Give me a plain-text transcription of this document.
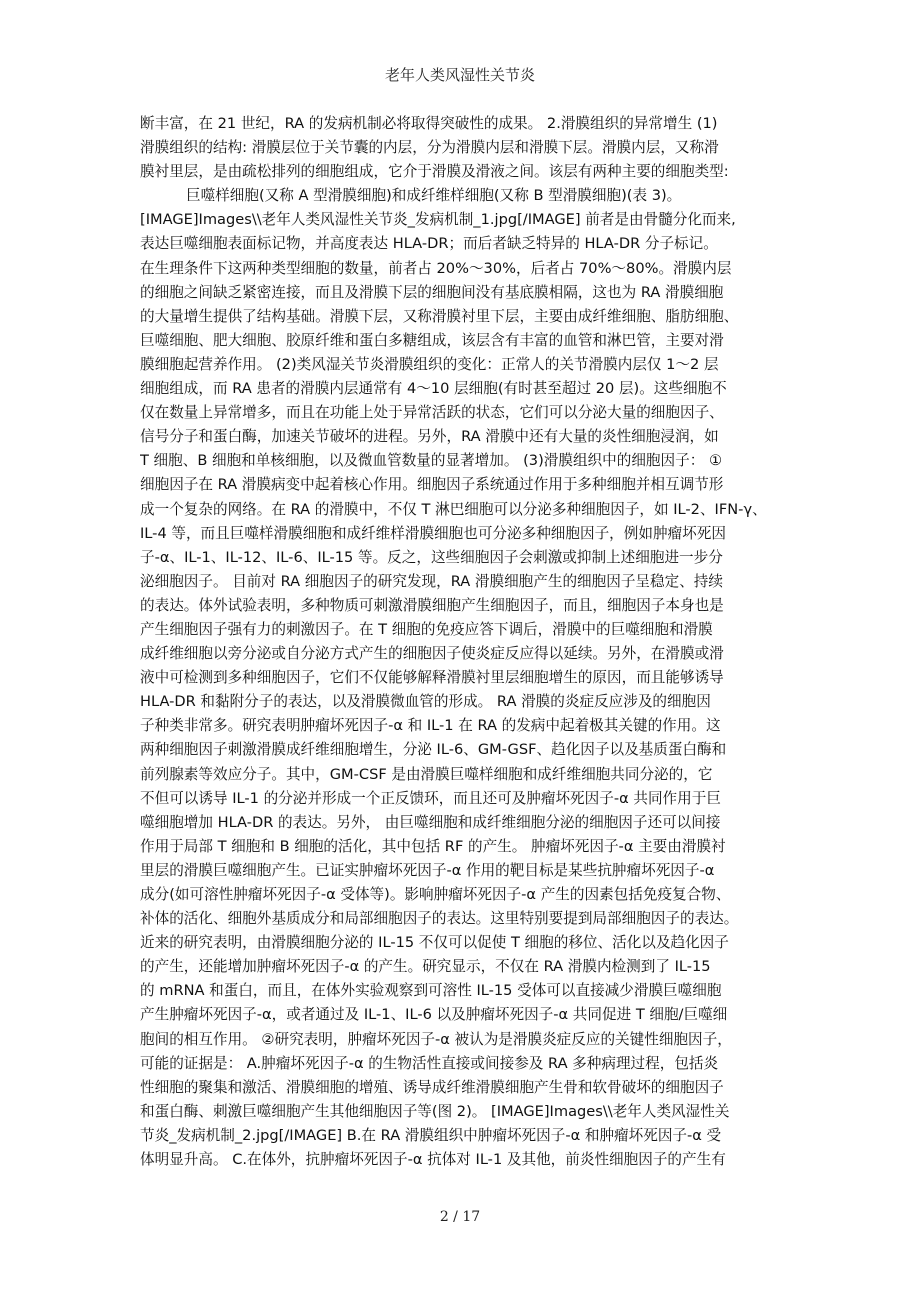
老年人类风湿性关节炎
断丰富，在 21 世纪，RA 的发病机制必将取得突破性的成果。 2.滑膜组织的异常增生 (1)
滑膜组织的结构: 滑膜层位于关节囊的内层，分为滑膜内层和滑膜下层。滑膜内层，又称滑
膜衬里层，是由疏松排列的细胞组成，它介于滑膜及滑液之间。该层有两种主要的细胞类型:
巨噬样细胞(又称 A 型滑膜细胞)和成纤维样细胞(又称 B 型滑膜细胞)(表 3)。
[IMAGE]Images\\老年人类风湿性关节炎_发病机制_1.jpg[/IMAGE] 前者是由骨髓分化而来,
表达巨噬细胞表面标记物，并高度表达 HLA-DR；而后者缺乏特异的 HLA-DR 分子标记。
在生理条件下这两种类型细胞的数量，前者占 20%～30%，后者占 70%～80%。滑膜内层
的细胞之间缺乏紧密连接，而且及滑膜下层的细胞间没有基底膜相隔，这也为 RA 滑膜细胞
的大量增生提供了结构基础。滑膜下层，又称滑膜衬里下层，主要由成纤维细胞、脂肪细胞、
巨噬细胞、肥大细胞、胶原纤维和蛋白多糖组成，该层含有丰富的血管和淋巴管，主要对滑
膜细胞起营养作用。 (2)类风湿关节炎滑膜组织的变化：正常人的关节滑膜内层仅 1～2 层
细胞组成，而 RA 患者的滑膜内层通常有 4～10 层细胞(有时甚至超过 20 层)。这些细胞不
仅在数量上异常增多，而且在功能上处于异常活跃的状态，它们可以分泌大量的细胞因子、
信号分子和蛋白酶，加速关节破坏的进程。另外，RA 滑膜中还有大量的炎性细胞浸润，如
T 细胞、B 细胞和单核细胞，以及微血管数量的显著增加。 (3)滑膜组织中的细胞因子： ①
细胞因子在 RA 滑膜病变中起着核心作用。细胞因子系统通过作用于多种细胞并相互调节形
成一个复杂的网络。在 RA 的滑膜中，不仅 T 淋巴细胞可以分泌多种细胞因子，如 IL-2、IFN-γ、
IL-4 等，而且巨噬样滑膜细胞和成纤维样滑膜细胞也可分泌多种细胞因子，例如肿瘤坏死因
子-α、IL-1、IL-12、IL-6、IL-15 等。反之，这些细胞因子会刺激或抑制上述细胞进一步分
泌细胞因子。 目前对 RA 细胞因子的研究发现，RA 滑膜细胞产生的细胞因子呈稳定、持续
的表达。体外试验表明，多种物质可刺激滑膜细胞产生细胞因子，而且，细胞因子本身也是
产生细胞因子强有力的刺激因子。在 T 细胞的免疫应答下调后，滑膜中的巨噬细胞和滑膜
成纤维细胞以旁分泌或自分泌方式产生的细胞因子使炎症反应得以延续。另外，在滑膜或滑
液中可检测到多种细胞因子，它们不仅能够解释滑膜衬里层细胞增生的原因，而且能够诱导
HLA-DR 和黏附分子的表达，以及滑膜微血管的形成。 RA 滑膜的炎症反应涉及的细胞因
子种类非常多。研究表明肿瘤坏死因子-α 和 IL-1 在 RA 的发病中起着极其关键的作用。这
两种细胞因子刺激滑膜成纤维细胞增生，分泌 IL-6、GM-GSF、趋化因子以及基质蛋白酶和
前列腺素等效应分子。其中，GM-CSF 是由滑膜巨噬样细胞和成纤维细胞共同分泌的，它
不但可以诱导 IL-1 的分泌并形成一个正反馈环，而且还可及肿瘤坏死因子-α 共同作用于巨
噬细胞增加 HLA-DR 的表达。另外， 由巨噬细胞和成纤维细胞分泌的细胞因子还可以间接
作用于局部 T 细胞和 B 细胞的活化，其中包括 RF 的产生。 肿瘤坏死因子-α 主要由滑膜衬
里层的滑膜巨噬细胞产生。已证实肿瘤坏死因子-α 作用的靶目标是某些抗肿瘤坏死因子-α
成分(如可溶性肿瘤坏死因子-α 受体等)。影响肿瘤坏死因子-α 产生的因素包括免疫复合物、
补体的活化、细胞外基质成分和局部细胞因子的表达。这里特别要提到局部细胞因子的表达。
近来的研究表明，由滑膜细胞分泌的 IL-15 不仅可以促使 T 细胞的移位、活化以及趋化因子
的产生，还能增加肿瘤坏死因子-α 的产生。研究显示，不仅在 RA 滑膜内检测到了 IL-15
的 mRNA 和蛋白，而且，在体外实验观察到可溶性 IL-15 受体可以直接减少滑膜巨噬细胞
产生肿瘤坏死因子-α，或者通过及 IL-1、IL-6 以及肿瘤坏死因子-α 共同促进 T 细胞/巨噬细
胞间的相互作用。 ②研究表明，肿瘤坏死因子-α 被认为是滑膜炎症反应的关键性细胞因子，
可能的证据是： A.肿瘤坏死因子-α 的生物活性直接或间接参及 RA 多种病理过程，包括炎
性细胞的聚集和激活、滑膜细胞的增殖、诱导成纤维滑膜细胞产生骨和软骨破坏的细胞因子
和蛋白酶、刺激巨噬细胞产生其他细胞因子等(图 2)。 [IMAGE]Images\\老年人类风湿性关
节炎_发病机制_2.jpg[/IMAGE] B.在 RA 滑膜组织中肿瘤坏死因子-α 和肿瘤坏死因子-α 受
体明显升高。 C.在体外，抗肿瘤坏死因子-α 抗体对 IL-1 及其他，前炎性细胞因子的产生有
2 / 17
